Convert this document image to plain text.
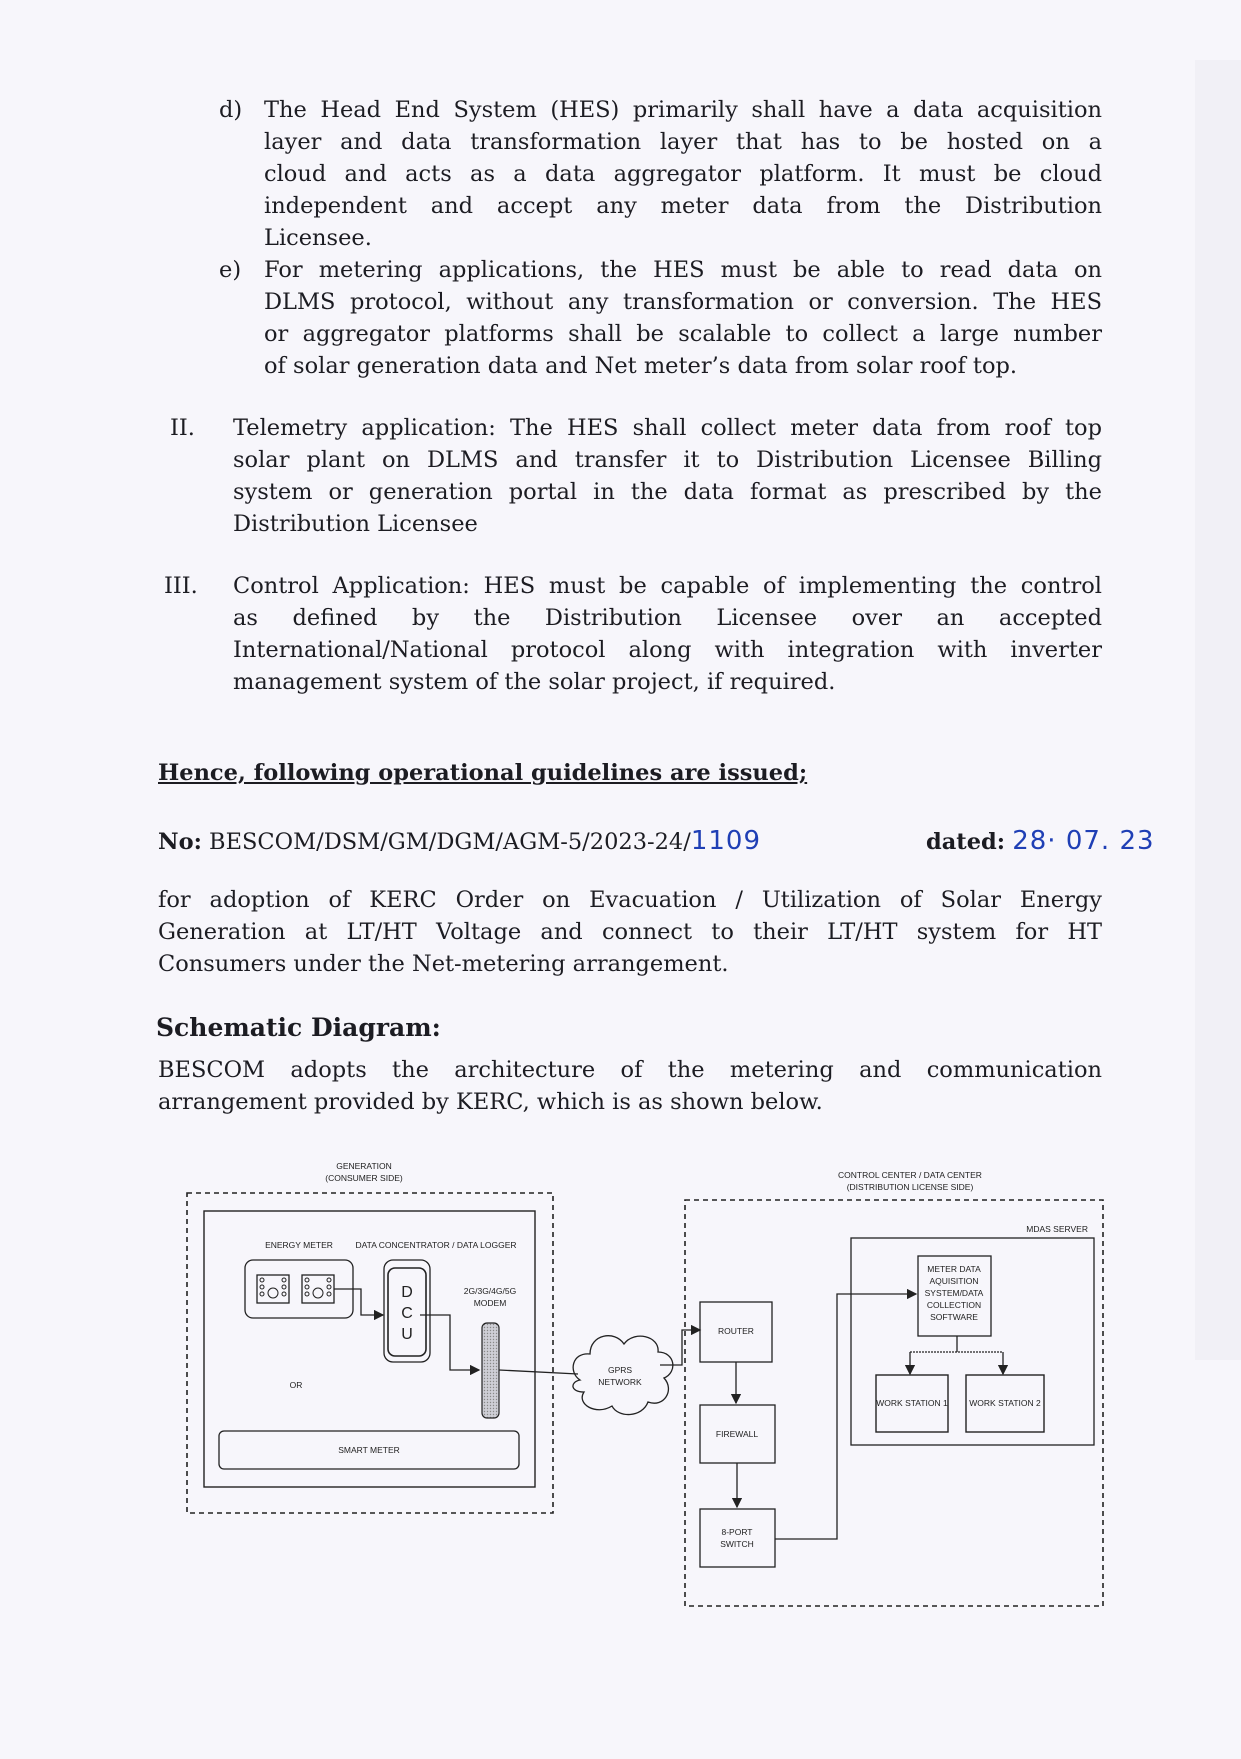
d) The Head End System (HES) primarily shall have a data acquisition

layer and data transformation layer that has to be hosted on a

cloud and acts as a data aggregator platform. It must be cloud

independent and accept any meter data from the Distribution

Licensee.

e) For metering applications, the HES must be able to read data on

DLMS protocol, without any transformation or conversion. The HES

or aggregator platforms shall be scalable to collect a large number

of solar generation data and Net meter’s data from solar roof top.

II. Telemetry application: The HES shall collect meter data from roof top

solar plant on DLMS and transfer it to Distribution Licensee Billing

system or generation portal in the data format as prescribed by the

Distribution Licensee

III. Control Application: HES must be capable of implementing the control

as defined by the Distribution Licensee over an accepted

International/National protocol along with integration with inverter

management system of the solar project, if required.

Hence, following operational guidelines are issued;
No: BESCOM/DSM/GM/DGM/AGM-5/2023-24/1109	dated: 28· 07. 23

for adoption of KERC Order on Evacuation / Utilization of Solar Energy

Generation at LT/HT Voltage and connect to their LT/HT system for HT

Consumers under the Net-metering arrangement.

Schematic Diagram:

BESCOM adopts the architecture of the metering and communication

arrangement provided by KERC, which is as shown below.

GENERATION
(CONSUMER SIDE)
ENERGY METER	DATA CONCENTRATOR / DATA LOGGER
D
C
U
2G/3G/4G/5G
MODEM
OR
SMART METER
GPRS
NETWORK
CONTROL CENTER / DATA CENTER
(DISTRIBUTION LICENSE SIDE)
ROUTER
FIREWALL
8-PORT
SWITCH
MDAS SERVER
METER DATA
AQUISITION
SYSTEM/DATA
COLLECTION
SOFTWARE
WORK STATION 1	WORK STATION 2
